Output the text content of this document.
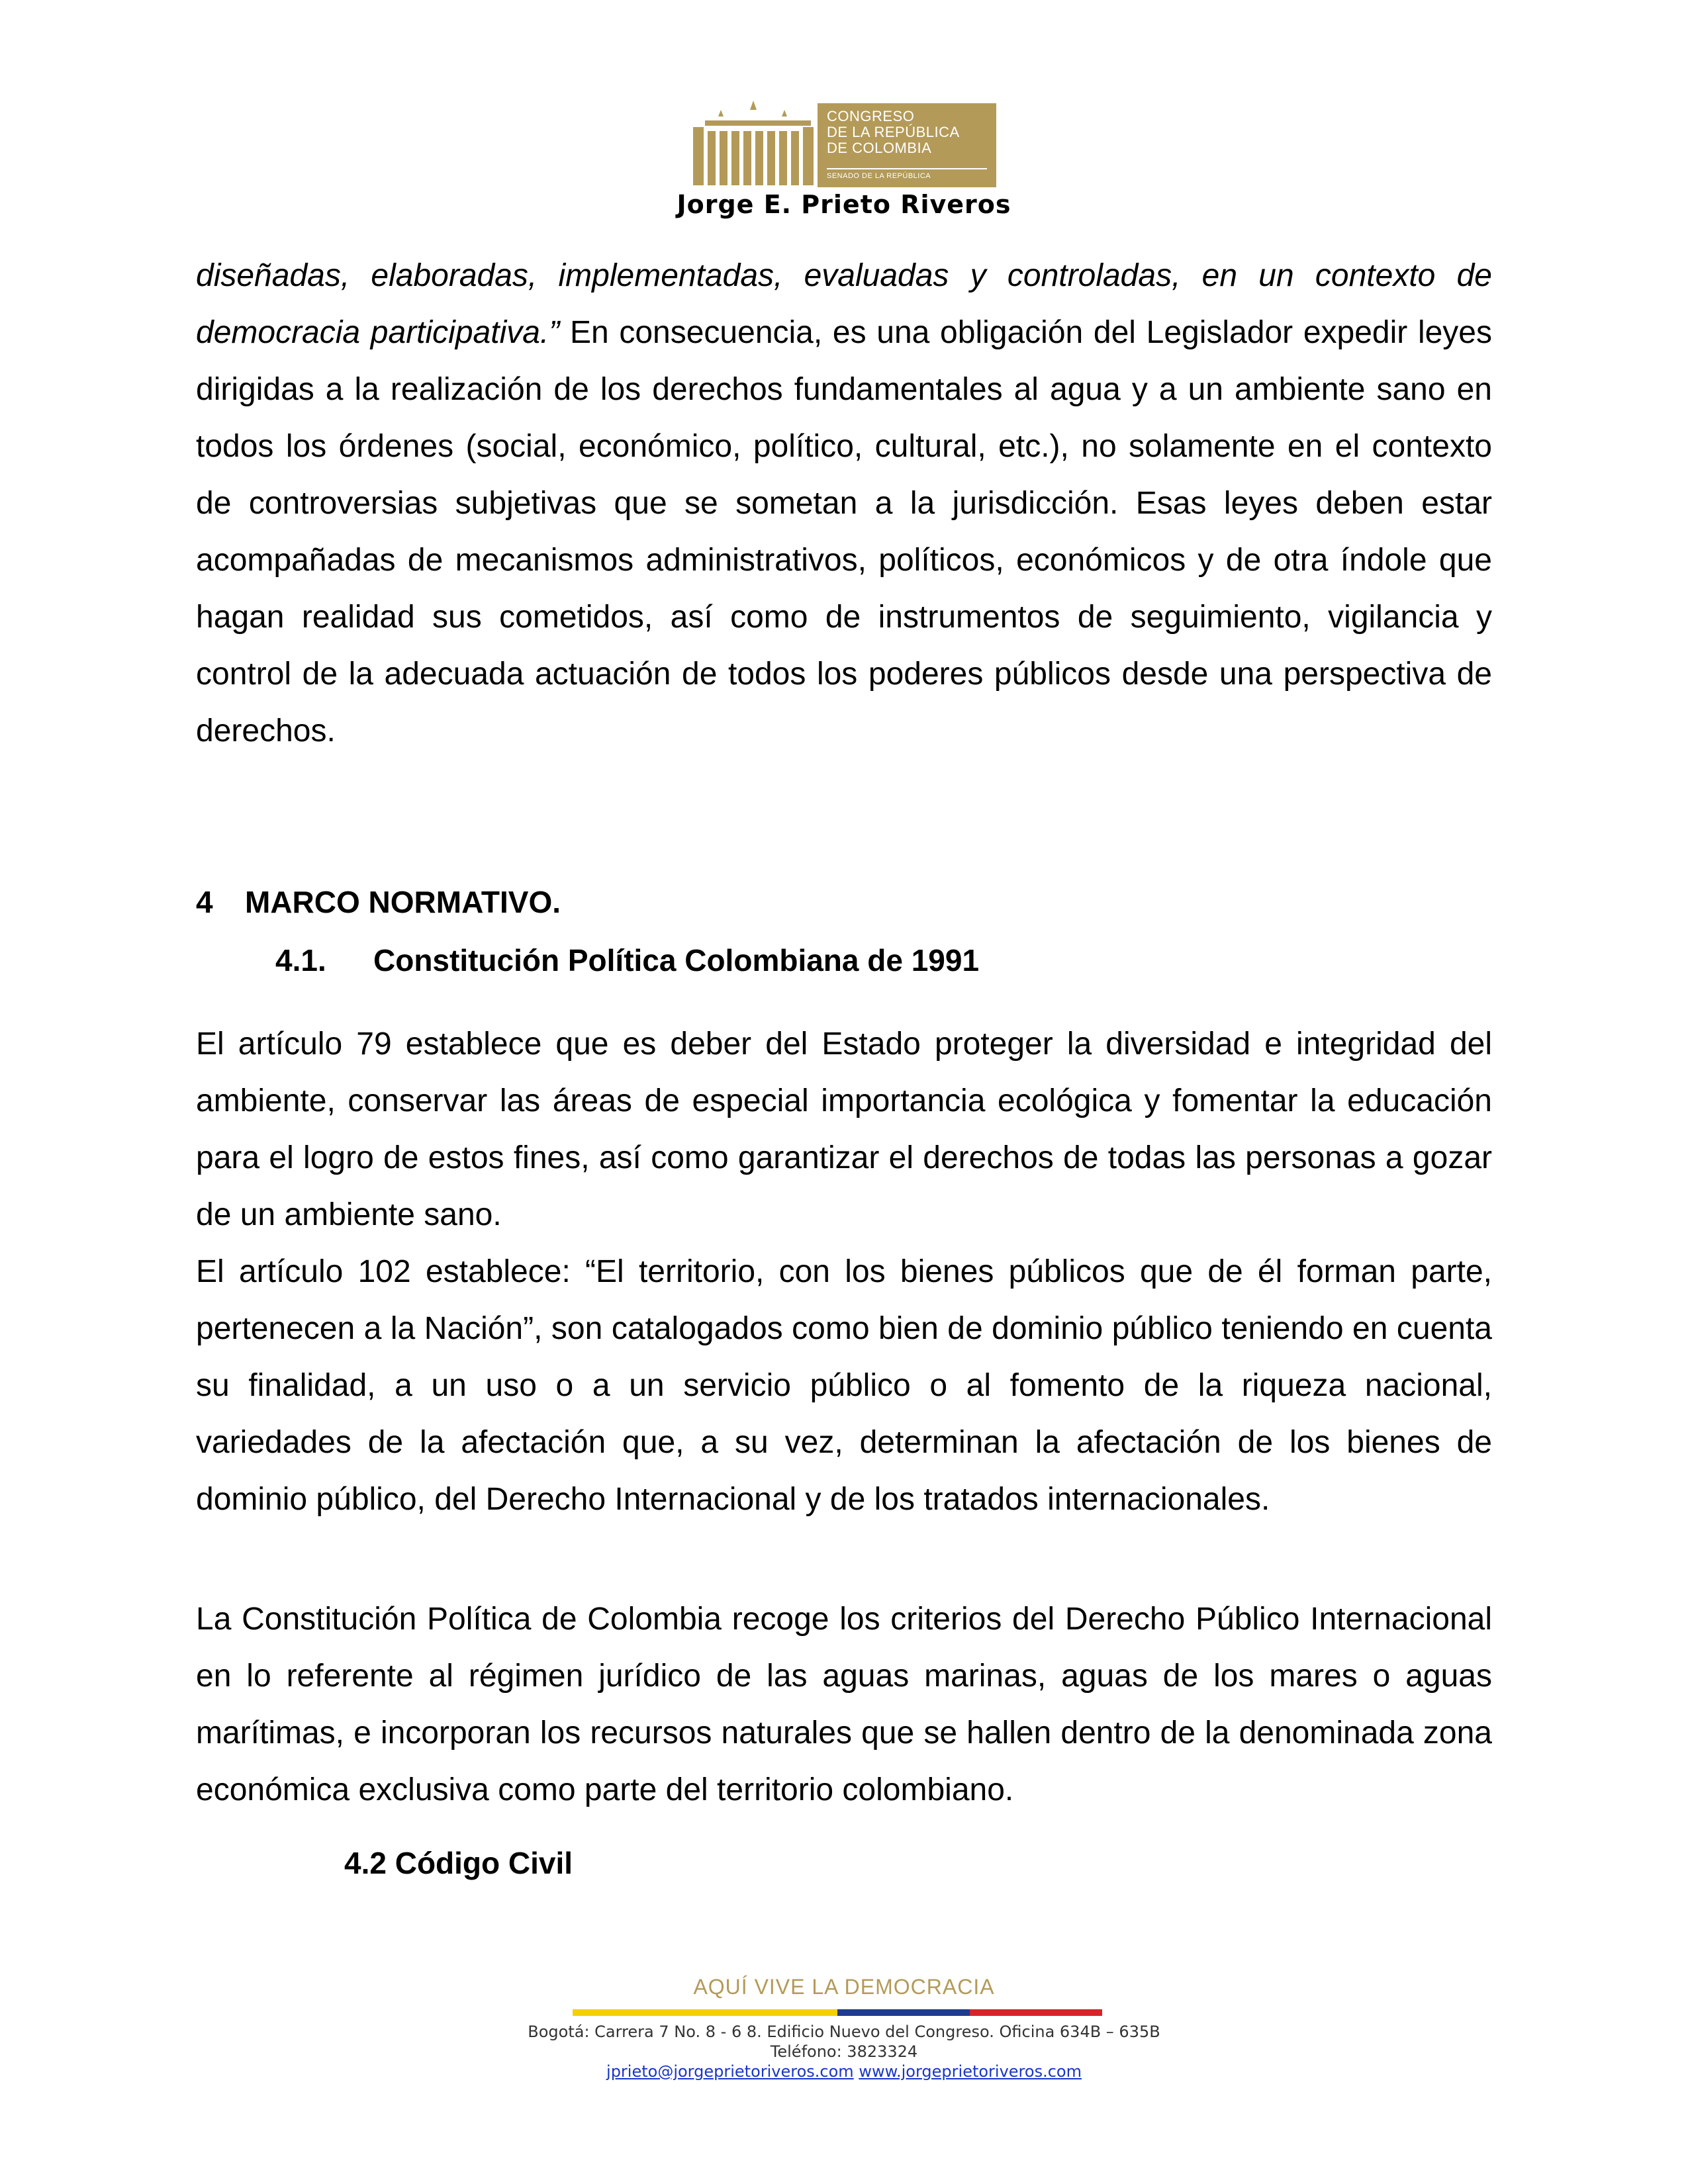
CONGRESO
DE LA REPÚBLICA
DE COLOMBIA
SENADO DE LA REPÚBLICA
Jorge E. Prieto Riveros

diseñadas, elaboradas, implementadas, evaluadas y controladas, en un contexto de democracia participativa.” En consecuencia, es una obligación del Legislador expedir leyes dirigidas a la realización de los derechos fundamentales al agua y a un ambiente sano en todos los órdenes (social, económico, político, cultural, etc.), no solamente en el contexto de controversias subjetivas que se sometan a la jurisdicción. Esas leyes deben estar acompañadas de mecanismos administrativos, políticos, económicos y de otra índole que hagan realidad sus cometidos, así como de instrumentos de seguimiento, vigilancia y control de la adecuada actuación de todos los poderes públicos desde una perspectiva de derechos.

4 MARCO NORMATIVO.
4.1. Constitución Política Colombiana de 1991

El artículo 79 establece que es deber del Estado proteger la diversidad e integridad del ambiente, conservar las áreas de especial importancia ecológica y fomentar la educación para el logro de estos fines, así como garantizar el derechos de todas las personas a gozar de un ambiente sano.

El artículo 102 establece: “El territorio, con los bienes públicos que de él forman parte, pertenecen a la Nación”, son catalogados como bien de dominio público teniendo en cuenta su finalidad, a un uso o a un servicio público o al fomento de la riqueza nacional, variedades de la afectación que, a su vez, determinan la afectación de los bienes de dominio público, del Derecho Internacional y de los tratados internacionales.

La Constitución Política de Colombia recoge los criterios del Derecho Público Internacional en lo referente al régimen jurídico de las aguas marinas, aguas de los mares o aguas marítimas, e incorporan los recursos naturales que se hallen dentro de la denominada zona económica exclusiva como parte del territorio colombiano.

4.2 Código Civil
AQUÍ VIVE LA DEMOCRACIA
Bogotá: Carrera 7 No. 8 - 6 8. Edificio Nuevo del Congreso. Oficina 634B – 635B
Teléfono: 3823324
jprieto@jorgeprietoriveros.com www.jorgeprietoriveros.com
